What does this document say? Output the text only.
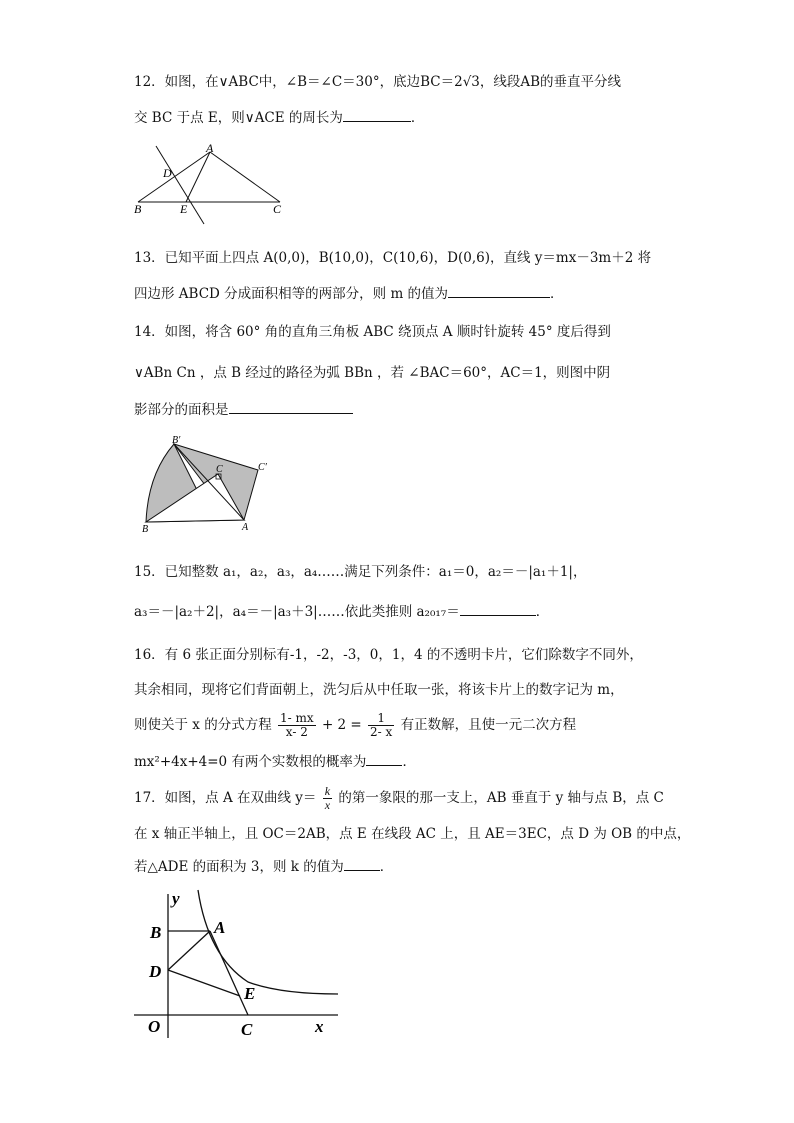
12．如图，在∨ABC中，∠B＝∠C＝30°，底边BC＝2√3，线段AB的垂直平分线
交 BC 于点 E，则∨ACE 的周长为	．
A
D
B	E	C
13．已知平面上四点 A(0,0)，B(10,0)，C(10,6)，D(0,6)，直线 y＝mx－3m＋2 将
四边形 ABCD 分成面积相等的两部分，则 m 的值为	．
14．如图，将含 60° 角的直角三角板 ABC 绕顶点 A 顺时针旋转 45° 度后得到
∨ABn Cn ，点 B 经过的路径为弧 BBn ，若 ∠BAC＝60°，AC＝1，则图中阴
影部分的面积是
B′
C′
C
B	A
15．已知整数 a₁，a₂，a₃，a₄……满足下列条件：a₁＝0，a₂＝－|a₁＋1|，
a₃＝－|a₂＋2|，a₄＝－|a₃＋3|……依此类推则 a₂₀₁₇＝	．
16．有 6 张正面分别标有-1，-2，-3，0，1，4 的不透明卡片，它们除数字不同外，
其余相同，现将它们背面朝上，洗匀后从中任取一张，将该卡片上的数字记为 m，
则使关于 x 的分式方程 $\frac{1- mx}{x- 2} + 2 = \frac{1}{2- x}$ 有正数解，且使一元二次方程
mx²+4x+4=0 有两个实数根的概率为	．
17．如图，点 A 在双曲线 $y= \frac{k}{x}$ 的第一象限的那一支上，AB 垂直于 y 轴与点 B，点 C
在 x 轴正半轴上，且 OC＝2AB，点 E 在线段 AC 上，且 AE＝3EC，点 D 为 OB 的中点，
若△ADE 的面积为 3，则 k 的值为	．
y
B	A
D
E
O	C	x
